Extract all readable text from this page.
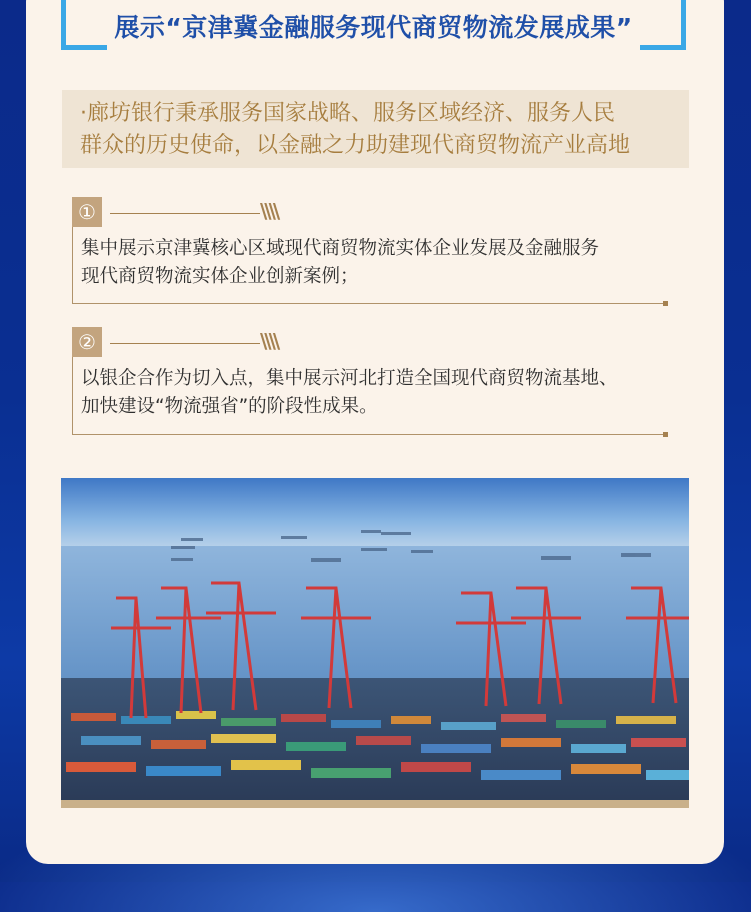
展示“京津冀金融服务现代商贸物流发展成果”
·廊坊银行秉承服务国家战略、服务区域经济、服务人民
群众的历史使命，以金融之力助建现代商贸物流产业高地
①	\\\\
集中展示京津冀核心区域现代商贸物流实体企业发展及金融服务
现代商贸物流实体企业创新案例；
②	\\\\
以银企合作为切入点，集中展示河北打造全国现代商贸物流基地、
加快建设“物流强省”的阶段性成果。
